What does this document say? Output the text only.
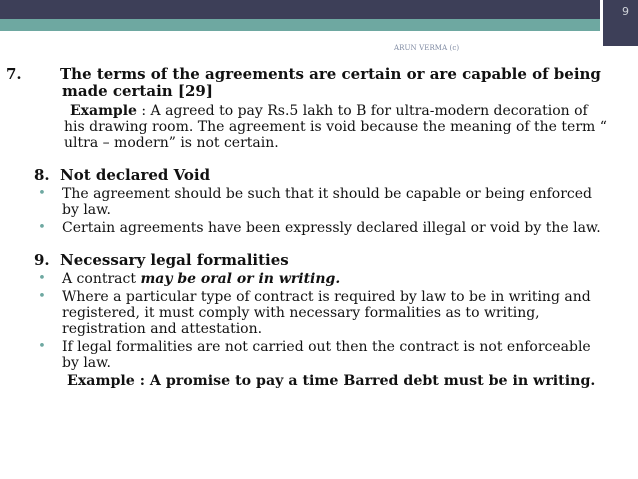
9
ARUN VERMA (c)
7.	The terms of the agreements are certain or are capable of being made certain [29]

Example : A agreed to pay Rs.5 lakh to B for ultra-modern decoration of his drawing room. The agreement is void because the meaning of the term “ ultra – modern” is not certain.

8. Not declared Void
• The agreement should be such that it should be capable or being enforced by law.
• Certain agreements have been expressly declared illegal or void by the law.
9. Necessary legal formalities
• A contract may be oral or in writing.
• Where a particular type of contract is required by law to be in writing and registered, it must comply with necessary formalities as to writing, registration and attestation.
• If legal formalities are not carried out then the contract is not enforceable by law.

Example : A promise to pay a time Barred debt must be in writing.
